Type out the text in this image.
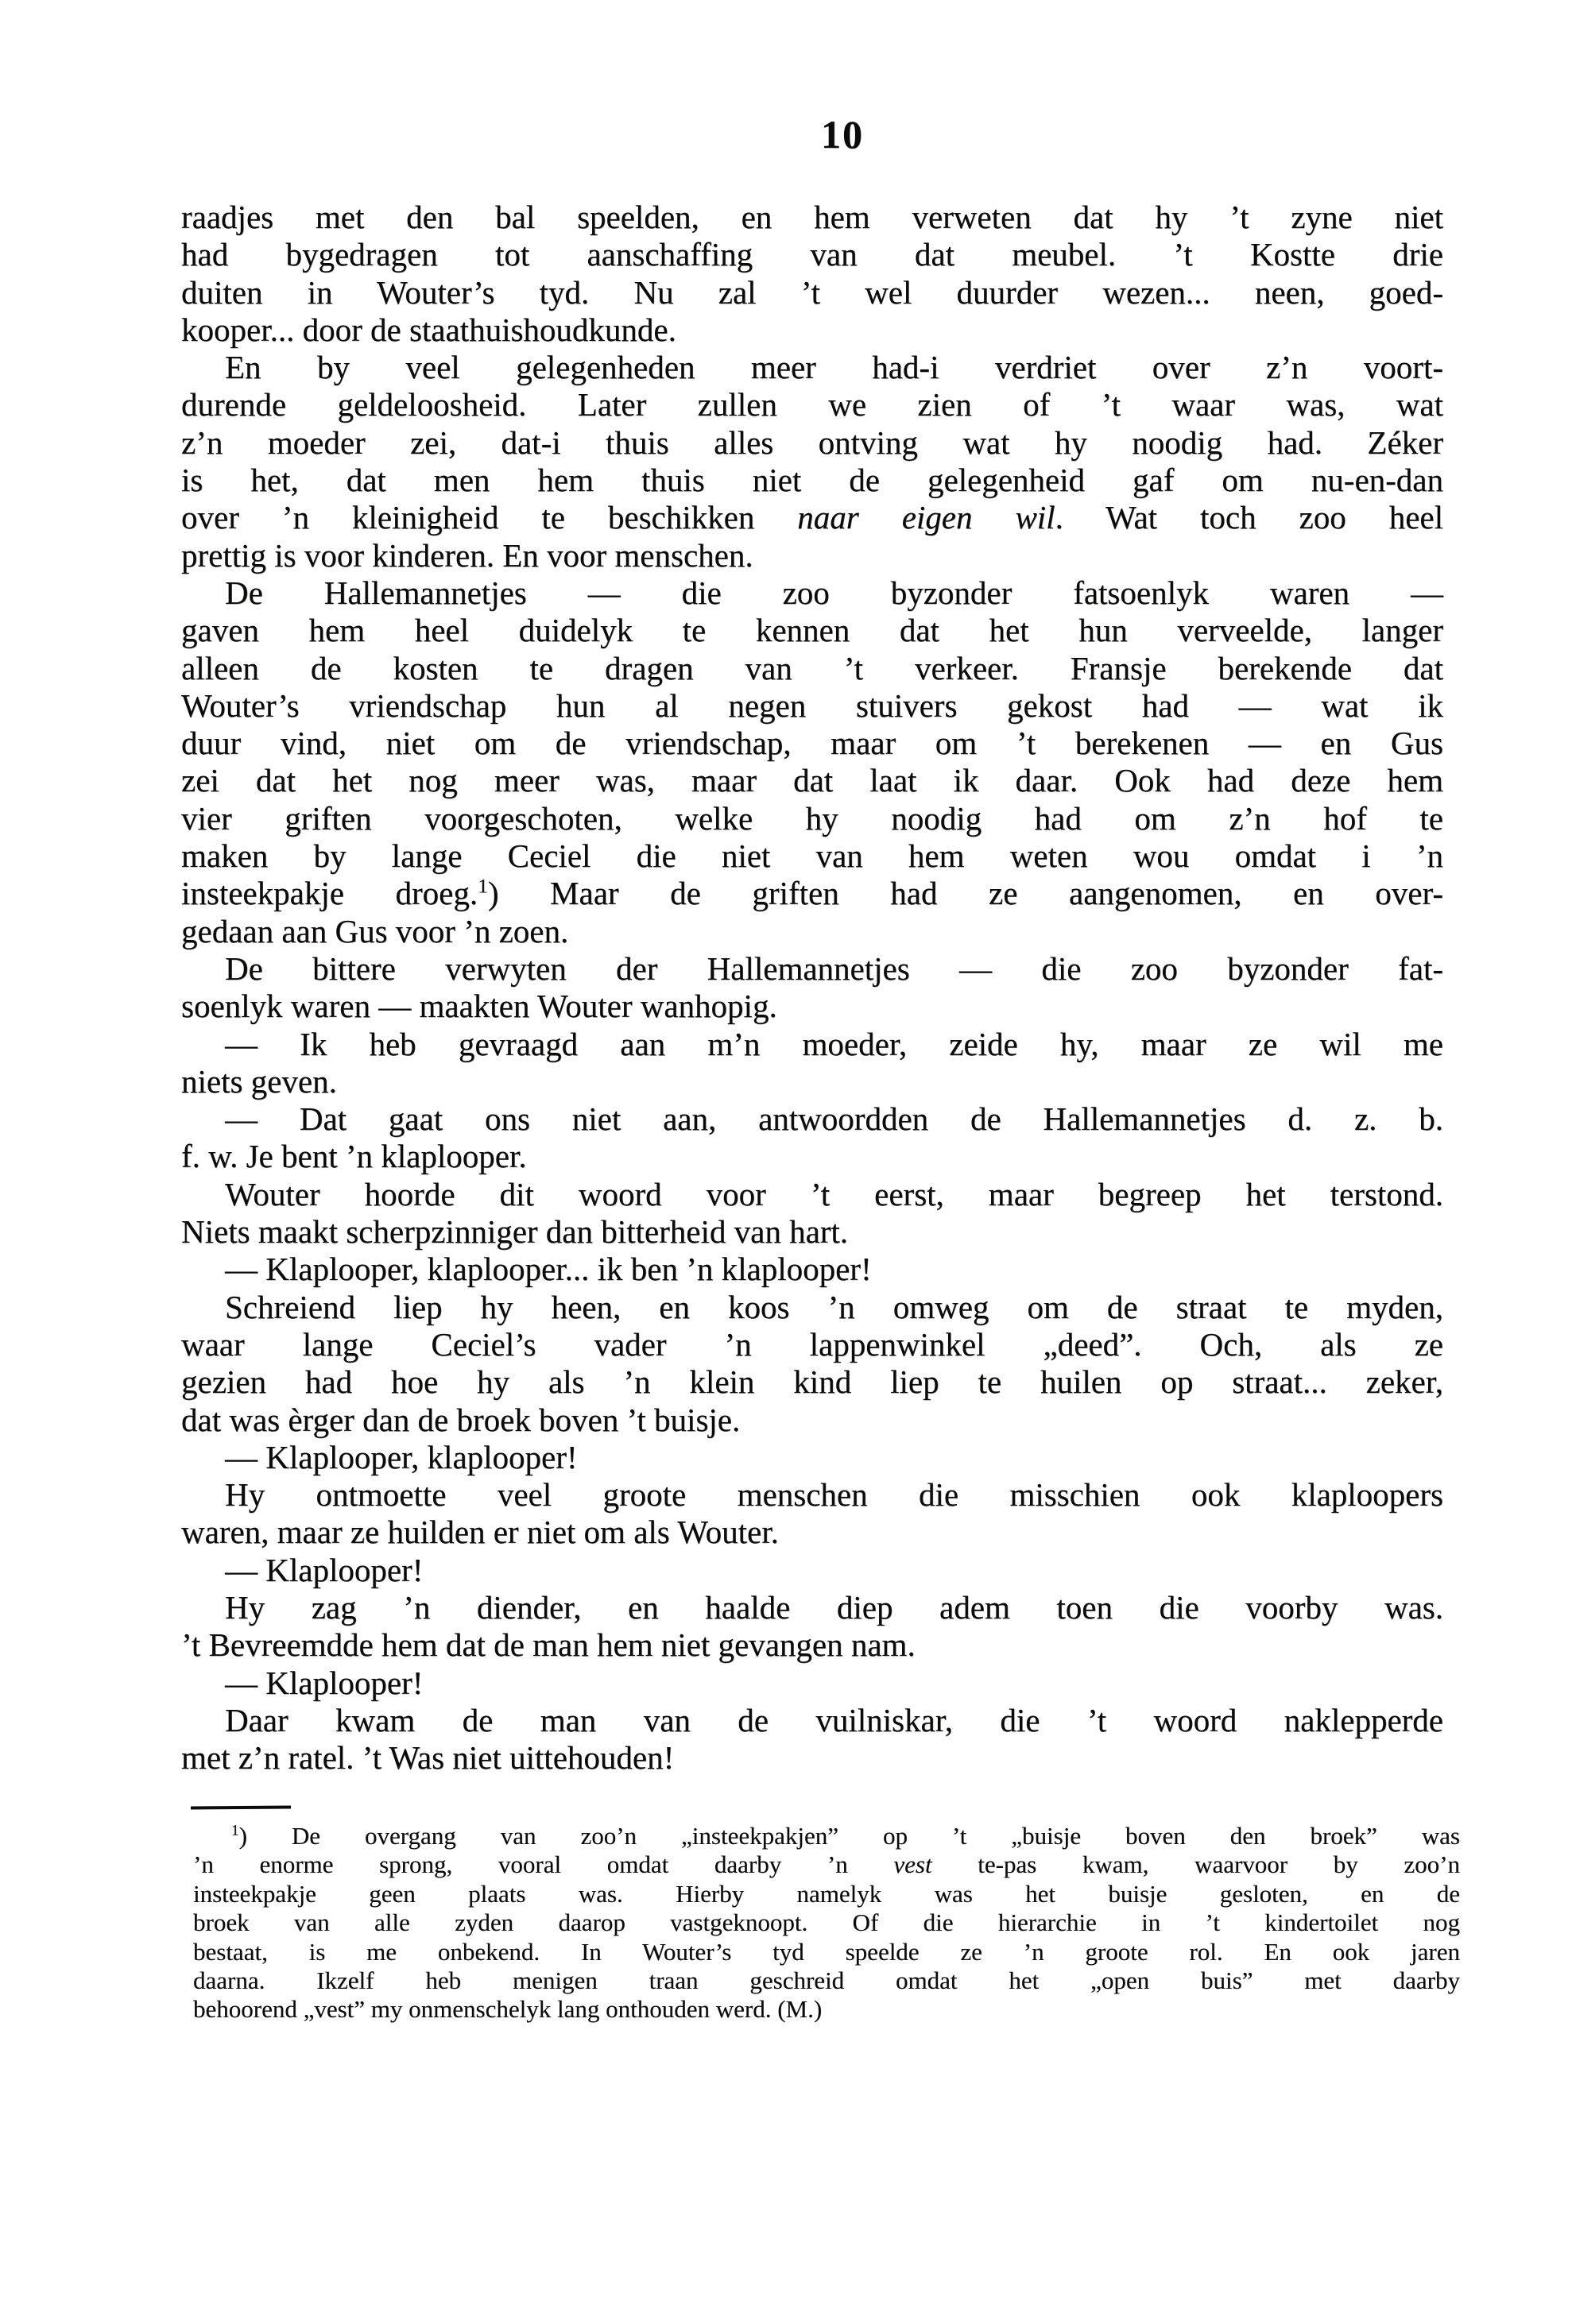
10
raadjes met den bal speelden, en hem verweten dat hy ’t zyne niet
had bygedragen tot aanschaffing van dat meubel. ’t Kostte drie
duiten in Wouter’s tyd. Nu zal ’t wel duurder wezen... neen, goed-
kooper... door de staathuishoudkunde.
En by veel gelegenheden meer had-i verdriet over z’n voort-
durende geldeloosheid. Later zullen we zien of ’t waar was, wat
z’n moeder zei, dat-i thuis alles ontving wat hy noodig had. Zéker
is het, dat men hem thuis niet de gelegenheid gaf om nu-en-dan
over ’n kleinigheid te beschikken naar eigen wil. Wat toch zoo heel
prettig is voor kinderen. En voor menschen.
De Hallemannetjes — die zoo byzonder fatsoenlyk waren —
gaven hem heel duidelyk te kennen dat het hun verveelde, langer
alleen de kosten te dragen van ’t verkeer. Fransje berekende dat
Wouter’s vriendschap hun al negen stuivers gekost had — wat ik
duur vind, niet om de vriendschap, maar om ’t berekenen — en Gus
zei dat het nog meer was, maar dat laat ik daar. Ook had deze hem
vier griften voorgeschoten, welke hy noodig had om z’n hof te
maken by lange Ceciel die niet van hem weten wou omdat i ’n
insteekpakje droeg.$^1$) Maar de griften had ze aangenomen, en over-
gedaan aan Gus voor ’n zoen.
De bittere verwyten der Hallemannetjes — die zoo byzonder fat-
soenlyk waren — maakten Wouter wanhopig.
— Ik heb gevraagd aan m’n moeder, zeide hy, maar ze wil me
niets geven.
— Dat gaat ons niet aan, antwoordden de Hallemannetjes d. z. b.
f. w. Je bent ’n klaplooper.
Wouter hoorde dit woord voor ’t eerst, maar begreep het terstond.
Niets maakt scherpzinniger dan bitterheid van hart.
— Klaplooper, klaplooper... ik ben ’n klaplooper!
Schreiend liep hy heen, en koos ’n omweg om de straat te myden,
waar lange Ceciel’s vader ’n lappenwinkel „deed”. Och, als ze
gezien had hoe hy als ’n klein kind liep te huilen op straat... zeker,
dat was èrger dan de broek boven ’t buisje.
— Klaplooper, klaplooper!
Hy ontmoette veel groote menschen die misschien ook klaploopers
waren, maar ze huilden er niet om als Wouter.
— Klaplooper!
Hy zag ’n diender, en haalde diep adem toen die voorby was.
’t Bevreemdde hem dat de man hem niet gevangen nam.
— Klaplooper!
Daar kwam de man van de vuilniskar, die ’t woord naklepperde
met z’n ratel. ’t Was niet uittehouden!
$^1$) De overgang van zoo’n „insteekpakjen” op ’t „buisje boven den broek” was
’n enorme sprong, vooral omdat daarby ’n vest te-pas kwam, waarvoor by zoo’n
insteekpakje geen plaats was. Hierby namelyk was het buisje gesloten, en de
broek van alle zyden daarop vastgeknoopt. Of die hierarchie in ’t kindertoilet nog
bestaat, is me onbekend. In Wouter’s tyd speelde ze ’n groote rol. En ook jaren
daarna. Ikzelf heb menigen traan geschreid omdat het „open buis” met daarby
behoorend „vest” my onmenschelyk lang onthouden werd. (M.)
